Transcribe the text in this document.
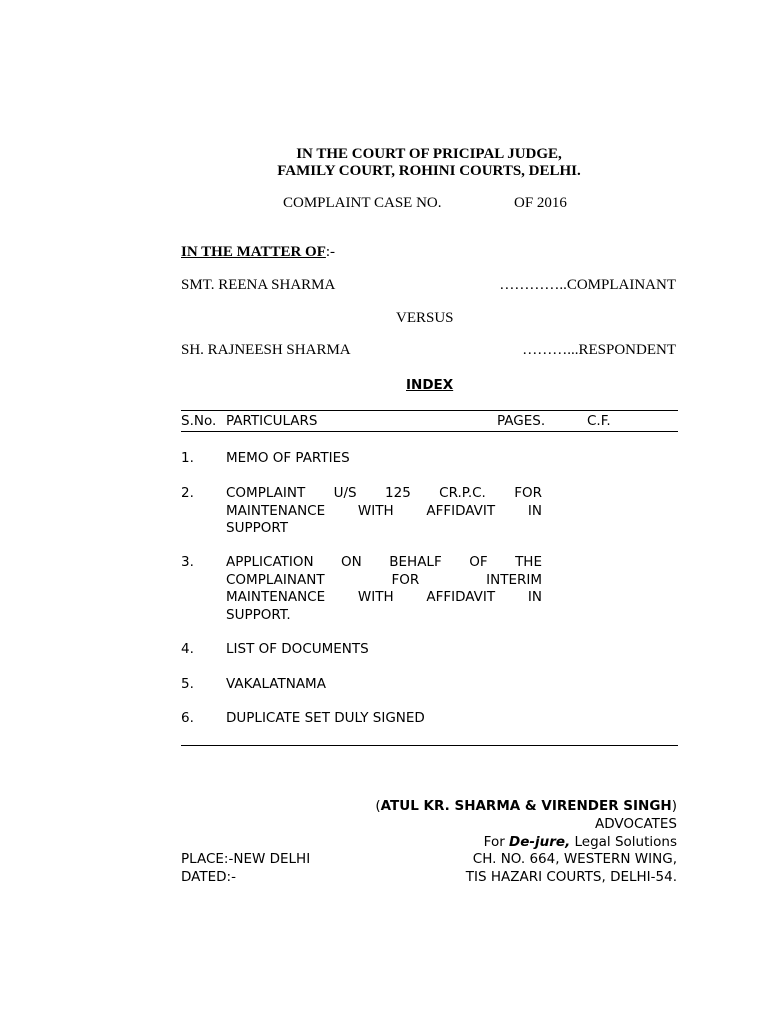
IN THE COURT OF PRICIPAL JUDGE,
FAMILY COURT, ROHINI COURTS, DELHI.
COMPLAINT CASE NO.	OF 2016
IN THE MATTER OF:-
SMT. REENA SHARMA	…………..COMPLAINANT
VERSUS
SH. RAJNEESH SHARMA	………...RESPONDENT
INDEX
S.No. PARTICULARS	PAGES.	C.F.
1. MEMO OF PARTIES
2. COMPLAINT U/S 125 CR.P.C. FOR
MAINTENANCE WITH AFFIDAVIT IN
SUPPORT
3. APPLICATION ON BEHALF OF THE
COMPLAINANT FOR INTERIM
MAINTENANCE WITH AFFIDAVIT IN
SUPPORT.
4. LIST OF DOCUMENTS
5. VAKALATNAMA
6. DUPLICATE SET DULY SIGNED
(ATUL KR. SHARMA & VIRENDER SINGH)
ADVOCATES
For De-jure, Legal Solutions
CH. NO. 664, WESTERN WING,
TIS HAZARI COURTS, DELHI-54.
PLACE:-NEW DELHI
DATED:-
